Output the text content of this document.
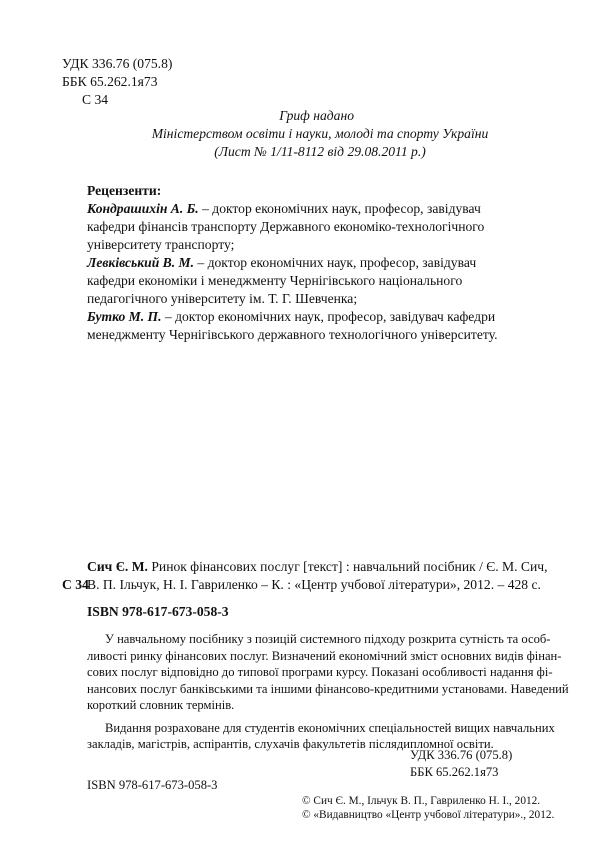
УДК 336.76 (075.8)
ББК 65.262.1я73
С 34
Гриф надано
Міністерством освіти і науки, молоді та спорту України
(Лист № 1/11-8112 від 29.08.2011 р.)
Рецензенти:
Кондрашихін А. Б. – доктор економічних наук, професор, завідувач
кафедри фінансів транспорту Державного економіко-технологічного
університету транспорту;
Левківський В. М. – доктор економічних наук, професор, завідувач
кафедри економіки і менеджменту Чернігівського національного
педагогічного університету ім. Т. Г. Шевченка;
Бутко М. П. – доктор економічних наук, професор, завідувач кафедри
менеджменту Чернігівського державного технологічного університету.
Сич Є. М. Ринок фінансових послуг [текст] : навчальний посібник / Є. М. Сич,
С 34
В. П. Ільчук, Н. І. Гавриленко – К. : «Центр учбової літератури», 2012. – 428 с.
ISBN 978-617-673-058-3
У навчальному посібнику з позицій системного підходу розкрита сутність та особ-
ливості ринку фінансових послуг. Визначений економічний зміст основних видів фінан-
сових послуг відповідно до типової програми курсу. Показані особливості надання фі-
нансових послуг банківськими та іншими фінансово-кредитними установами. Наведений
короткий словник термінів.
Видання розраховане для студентів економічних спеціальностей вищих навчальних
закладів, магістрів, аспірантів, слухачів факультетів післядипломної освіти.
УДК 336.76 (075.8)
ББК 65.262.1я73
ISBN 978-617-673-058-3
© Сич Є. М., Ільчук В. П., Гавриленко Н. І., 2012.
© «Видавництво «Центр учбової літератури»., 2012.
